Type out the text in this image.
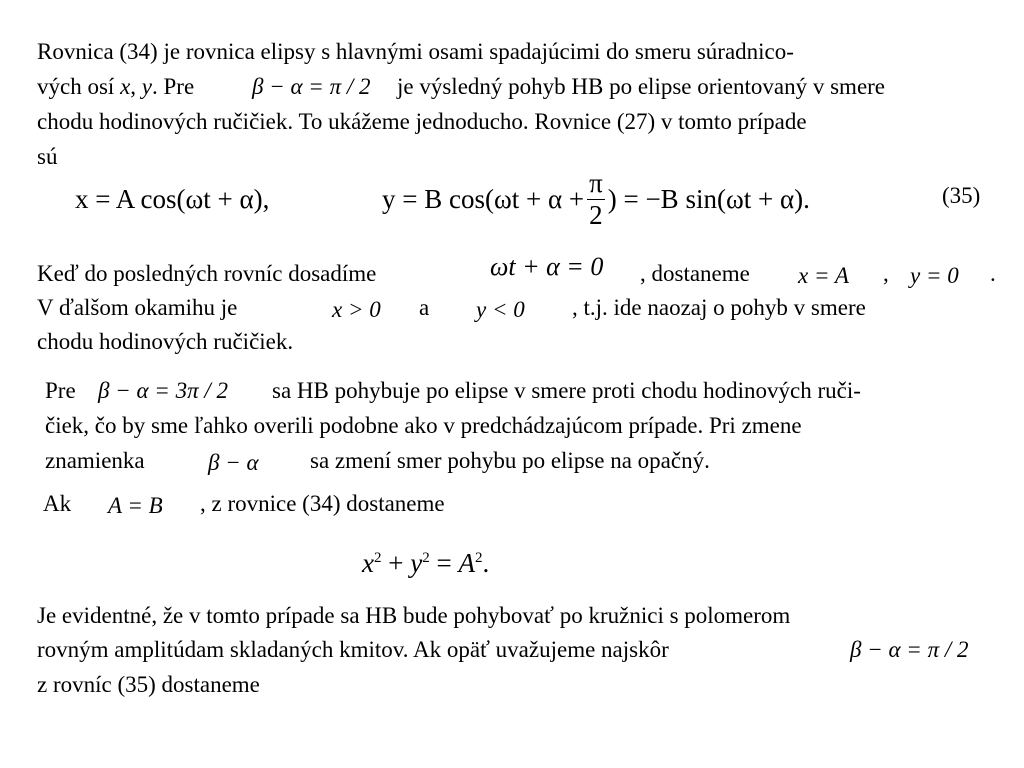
Rovnica (34) je rovnica elipsy s hlavnými osami spadajúcimi do smeru súradnico-
vých osí x, y. Pre	β − α = π / 2 je výsledný pohyb HB po elipse orientovaný v smere
chodu hodinových ručičiek. To ukážeme jednoducho. Rovnice (27) v tomto prípade
sú
x = A cos(ωt + α),	y = B $\cos(\omega t + \alpha + \frac{\pi}{2}$ ) = −B sin(ωt + α).	(35)
Keď do posledných rovníc dosadíme	ωt + α = 0 , dostaneme x = A , y = 0 .
V ďalšom okamihu je	x > 0 a y < 0 , t.j. ide naozaj o pohyb v smere
chodu hodinových ručičiek.
Pre β − α = 3π / 2 sa HB pohybuje po elipse v smere proti chodu hodinových ruči-
čiek, čo by sme ľahko overili podobne ako v predchádzajúcom prípade. Pri zmene
znamienka	β − α sa zmení smer pohybu po elipse na opačný.
Ak A = B , z rovnice (34) dostaneme
$x^2 + y^2 = A^2$.
Je evidentné, že v tomto prípade sa HB bude pohybovať po kružnici s polomerom
rovným amplitúdam skladaných kmitov. Ak opäť uvažujeme najskôr	β − α = π / 2
z rovníc (35) dostaneme
